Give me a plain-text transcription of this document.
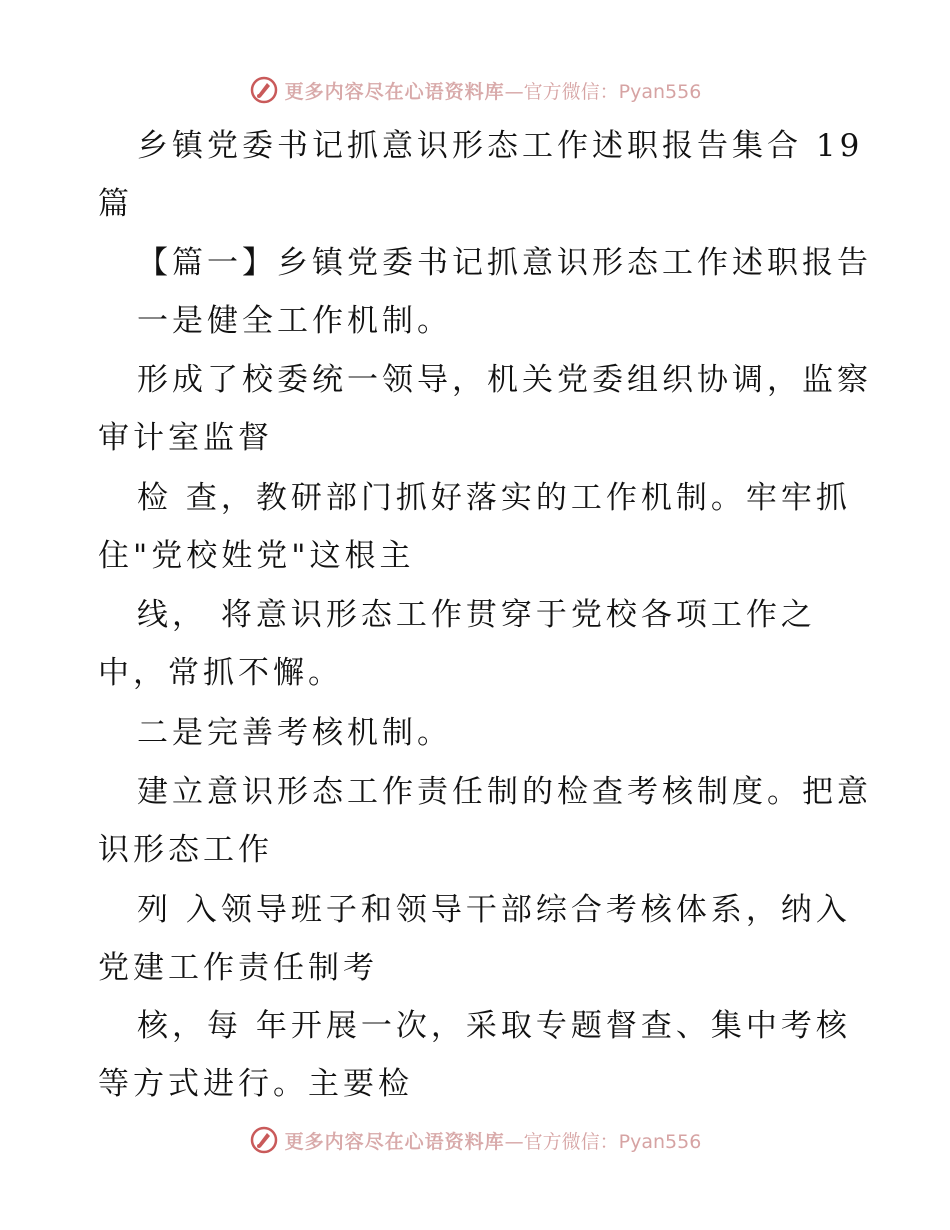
更多内容尽在心语资料库 —官方微信：Pyan556
乡镇党委书记抓意识形态工作述职报告集合 19
篇
【篇一】乡镇党委书记抓意识形态工作述职报告
一是健全工作机制。
形成了校委统一领导，机关党委组织协调，监察
审计室监督
检 查，教研部门抓好落实的工作机制。牢牢抓
住"党校姓党"这根主
线， 将意识形态工作贯穿于党校各项工作之
中，常抓不懈。
二是完善考核机制。
建立意识形态工作责任制的检查考核制度。把意
识形态工作
列 入领导班子和领导干部综合考核体系，纳入
党建工作责任制考
核，每 年开展一次，采取专题督查、集中考核
等方式进行。主要检
更多内容尽在心语资料库 —官方微信：Pyan556
